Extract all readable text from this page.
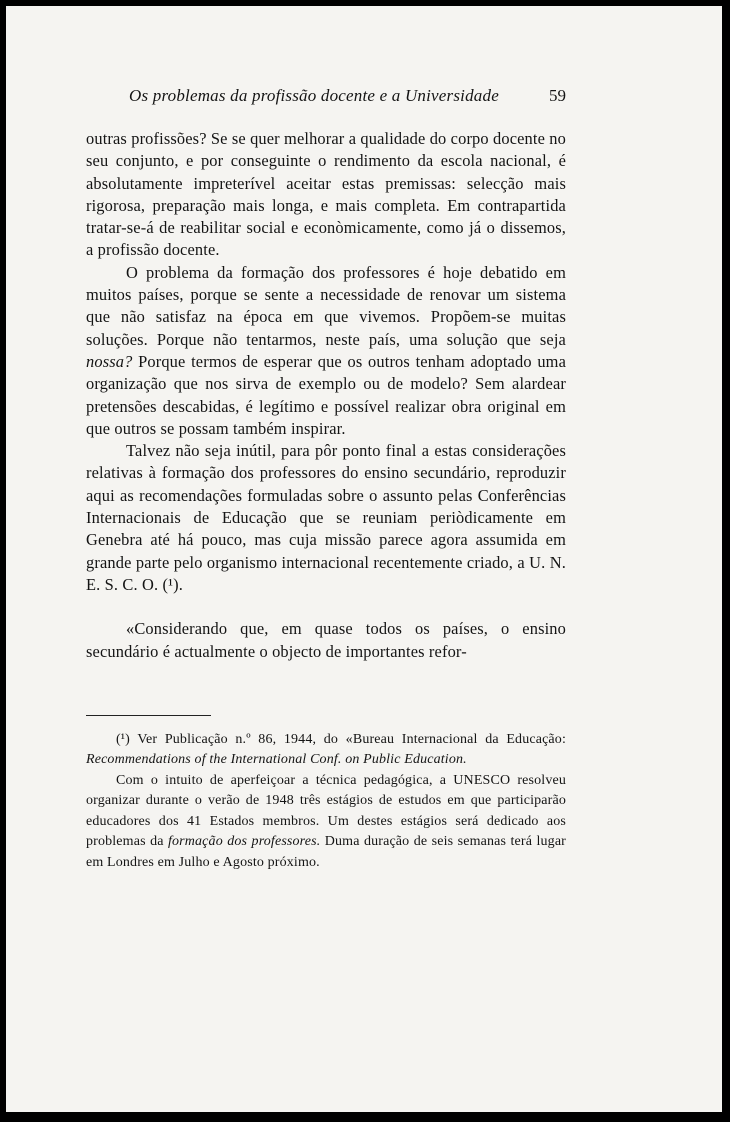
Os problemas da profissão docente e a Universidade	59

outras profissões? Se se quer melhorar a qualidade do corpo docente no seu conjunto, e por conseguinte o rendimento da escola nacional, é absolutamente impreterível aceitar estas premissas: selecção mais rigorosa, preparação mais longa, e mais completa. Em contrapartida tratar-se-á de reabilitar social e econòmicamente, como já o dissemos, a profissão docente.

O problema da formação dos professores é hoje debatido em muitos países, porque se sente a necessidade de renovar um sistema que não satisfaz na época em que vivemos. Propõem-se muitas soluções. Porque não tentarmos, neste país, uma solução que seja nossa? Porque termos de esperar que os outros tenham adoptado uma organização que nos sirva de exemplo ou de modelo? Sem alardear pretensões descabidas, é legítimo e possível realizar obra original em que outros se possam também inspirar.

Talvez não seja inútil, para pôr ponto final a estas considerações relativas à formação dos professores do ensino secundário, reproduzir aqui as recomendações formuladas sobre o assunto pelas Conferências Internacionais de Educação que se reuniam periòdicamente em Genebra até há pouco, mas cuja missão parece agora assumida em grande parte pelo organismo internacional recentemente criado, a U. N. E. S. C. O. (¹).

«Considerando que, em quase todos os países, o ensino secundário é actualmente o objecto de importantes refor-

(¹) Ver Publicação n.º 86, 1944, do «Bureau Internacional da Educação: Recommendations of the International Conf. on Public Education.

Com o intuito de aperfeiçoar a técnica pedagógica, a UNESCO resolveu organizar durante o verão de 1948 três estágios de estudos em que participarão educadores dos 41 Estados membros. Um destes estágios será dedicado aos problemas da formação dos professores. Duma duração de seis semanas terá lugar em Londres em Julho e Agosto próximo.
